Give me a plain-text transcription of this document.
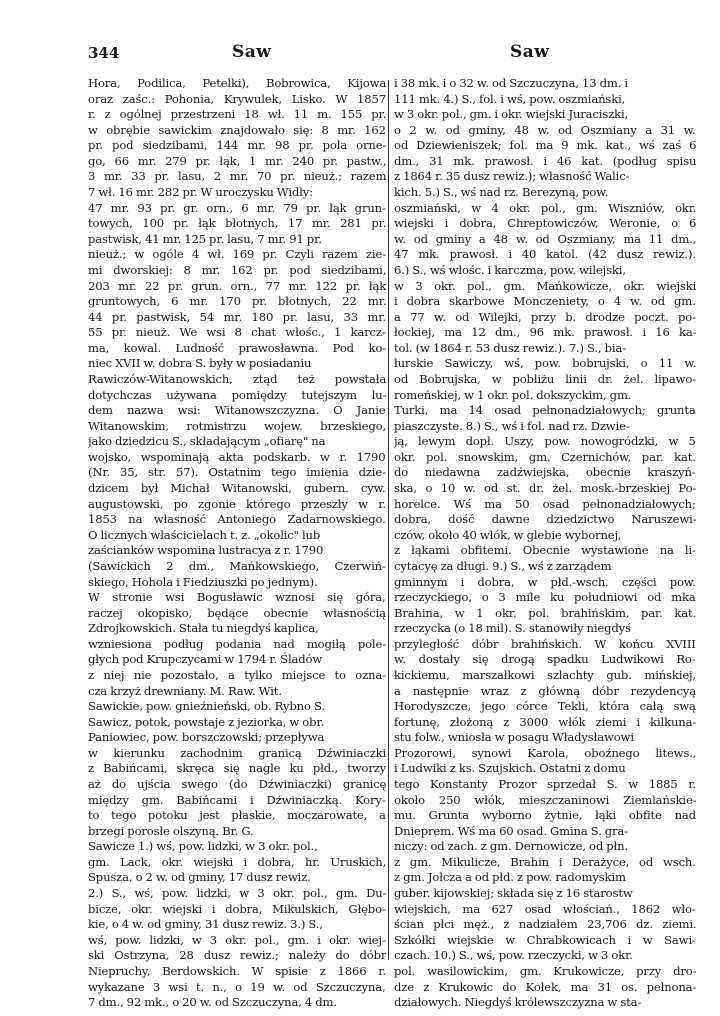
344	Saw	Saw
Hora, Podilica, Petelki), Bobrowica, Kijowa
oraz zaśc.: Pohonia, Krywulek, Lisko. W 1857
r. z ogólnej przestrzeni 18 wł. 11 m. 155 pr.
w obrębie sawickim znajdowało się: 8 mr. 162
pr. pod siedzibami, 144 mr. 98 pr. pola orne-
go, 66 mr. 279 pr. łąk, 1 mr. 240 pr. pastw.,
3 mr. 33 pr. lasu, 2 mr. 70 pr. nieuż.; razem
7 wł. 16 mr. 282 pr. W uroczysku Widły:
47 mr. 93 pr. gr. orn., 6 mr. 79 pr. łąk grun-
towych, 100 pr. łąk błotnych, 17 mr. 281 pr.
pastwisk, 41 mr. 125 pr. lasu, 7 mr. 91 pr.
nieuż.; w ogóle 4 wł. 169 pr. Czyli razem zie-
mi dworskiej: 8 mr. 162 pr. pod siedzibami,
203 mr. 22 pr. grun. orn., 77 mr. 122 pr. łąk
gruntowych, 6 mr. 170 pr. błotnych, 22 mr.
44 pr. pastwisk, 54 mr. 180 pr. lasu, 33 mr.
55 pr. nieuż. We wsi 8 chat włośc., 1 karcz-
ma, kowal. Ludność prawosławna. Pod ko-
niec XVII w. dobra S. były w posiadaniu
Rawiczów-Witanowskich, ztąd też powstała
dotychczas używana pomiędzy tutejszym lu-
dem nazwa wsi: Witanowszczyzna. O Janie
Witanowskim, rotmistrzu wojew. brzeskiego,
jako dziedzicu S., składającym „ofiarę" na
wojsko, wspominają akta podskarb. w r. 1790
(Nr. 35, str. 57). Ostatnim tego imienia dzie-
dzicem był Michał Witanowski, gubern. cyw.
augustowski, po zgonie którego przeszły w r.
1853 na własność Antoniego Zadarnowskiego.
O licznych właścicielach t. z. „okolic" lub
zaścianków wspomina lustracya z r. 1790
(Sawickich 2 dm., Mańkowskiego, Czerwiń-
skiego, Hohola i Fiedziuszki po jednym).
W stronie wsi Bogusławic wznosi się góra,
raczej okopisko, będące obecnie własnością
Zdrojkowskich. Stała tu niegdyś kaplica,
wzniesiona podług podania nad mogiłą pole-
głych pod Krupczycami w 1794 r. Śladów
z niej nie pozostało, a tylko miejsce to ozna-
cza krzyż drewniany. M. Raw. Wit.
Sawickie, pow. gnieźnieński, ob. Rybno S.
Sawicz, potok, powstaje z jeziorka, w obr.
Paniowiec, pow. borszczowski; przepływa
w kierunku zachodnim granicą Dźwiniaczki
z Babińcami, skręca się nagle ku płd., tworzy
aż do ujścia swego (do Dźwiniaczki) granicę
między gm. Babińcami i Dźwiniaczką. Kory-
to tego potoku jest płaskie, moczarowate, a
brzegi porosłe olszyną. Br. G.
Sawicze 1.) wś, pow. lidzki, w 3 okr. pol.,
gm. Lack, okr. wiejski i dobra, hr. Uruskich,
Spusza, o 2 w. od gminy, 17 dusz rewiz.
2.) S., wś, pow. lidzki, w 3 okr. pol., gm. Du-
bicze, okr. wiejski i dobra, Mikulskich, Głębo-
kie, o 4 w. od gminy, 31 dusz rewiz. 3.) S.,
wś, pow. lidzki, w 3 okr. pol., gm. i okr. wiej-
ski Ostrzyna, 28 dusz rewiz.; należy do dóbr
Niepruchy, Berdowskich. W spisie z 1866 r.
wykazane 3 wsi t. n., o 19 w. od Szczuczyna,
7 dm., 92 mk., o 20 w. od Szczuczyna, 4 dm.
i 38 mk. i o 32 w. od Szczuczyna, 13 dm. i
111 mk. 4.) S., fol. i wś, pow. oszmiański,
w 3 okr. pol., gm. i okr. wiejski Juraciszki,
o 2 w. od gminy, 48 w. od Oszmiany a 31 w.
od Dziewieniszek; fol. ma 9 mk. kat., wś zaś 6
dm., 31 mk. prawosł. i 46 kat. (podług spisu
z 1864 r. 35 dusz rewiz.); własność Walic-
kich. 5.) S., wś nad rz. Berezyną, pow.
oszmiański, w 4 okr. pol., gm. Wiszniów, okr.
wiejski i dobra, Chreptowiczów, Weronie, o 6
w. od gminy a 48 w. od Oszmiany, ma 11 dm.,
47 mk. prawosł. i 40 katol. (42 dusz rewiz.).
6.) S., wś włośc. i karczma, pow. wilejski,
w 3 okr. pol., gm. Mańkowicze, okr. wiejski
i dobra skarbowe Monczeniety, o 4 w. od gm.
a 77 w. od Wilejki, przy b. drodze poczt. po-
łockiej, ma 12 dm., 96 mk. prawosł. i 16 ka-
tol. (w 1864 r. 53 dusz rewiz.). 7.) S., bia-
łurskie Sawiczy, wś, pow. bobrujski, o 11 w.
od Bobrujska, w pobliżu linii dr. żel. lipawo-
romeńskiej, w 1 okr. pol. dokszyckim, gm.
Turki, ma 14 osad pełnonadziałowych; grunta
piaszczyste. 8.) S., wś i fol. nad rz. Dzwie-
ją, lewym dopł. Uszy, pow. nowogródzki, w 5
okr. pol. snowskim, gm. Czernichów, par. kat.
do niedawna zadźwiejska, obecnie kraszyń-
ska, o 10 w. od st. dr. żel. mosk.-brzeskiej Po-
horelce. Wś ma 50 osad pełnonadziałowych;
dobra, dość dawne dziedzictwo Naruszewi-
czów, około 40 włók, w glebie wybornej,
z łąkami obfitemi. Obecnie wystawione na li-
cytacyę za długi. 9.) S., wś z zarządem
gminnym i dobra, w płd.-wsch. części pow.
rzeczyckiego, o 3 mile ku południowi od mka
Brahina, w 1 okr. pol. brahińskim, par. kat.
rzeczycka (o 18 mil). S. stanowiły niegdyś
przyległość dóbr brahińskich. W końcu XVIII
w. dostały się drogą spadku Ludwikowi Ro-
kickiemu, marszałkowi szlachty gub. mińskiej,
a następnie wraz z główną dóbr rezydencyą
Horodyszcze, jego córce Tekli, która całą swą
fortunę, złożoną z 3000 włók ziemi i kilkuna-
stu folw., wniosła w posagu Władysławowi
Prozorowi, synowi Karola, oboźnego litews.,
i Ludwiki z ks. Szujskich. Ostatni z domu
tego Konstanty Prozor sprzedał S. w 1885 r.
około 250 włók, mieszczaninowi Ziemlańskie-
mu. Grunta wyborno żytnie, łąki obfite nad
Dnieprem. Wś ma 60 osad. Gmina S. gra-
niczy: od zach. z gm. Dernowicze, od płn.
z gm. Mikulicze, Brahin i Derażyce, od wsch.
z gm. Jołcza a od płd. z pow. radomyskim
guber. kijowskiej; składa się z 16 starostw
wiejskich, ma 627 osad włościań., 1862 wło-
ścian płci męż., z nadziałem 23,706 dz. ziemi.
Szkółki wiejskie w Chrabkowicach i w Sawi-
czach. 10.) S., wś, pow. rzeczycki, w 3 okr.
pol. wasilowickim, gm. Krukowicze, przy dro-
dze z Krukowic do Kołek, ma 31 os. pełnona-
działowych. Niegdyś królewszczyzna w sta-
